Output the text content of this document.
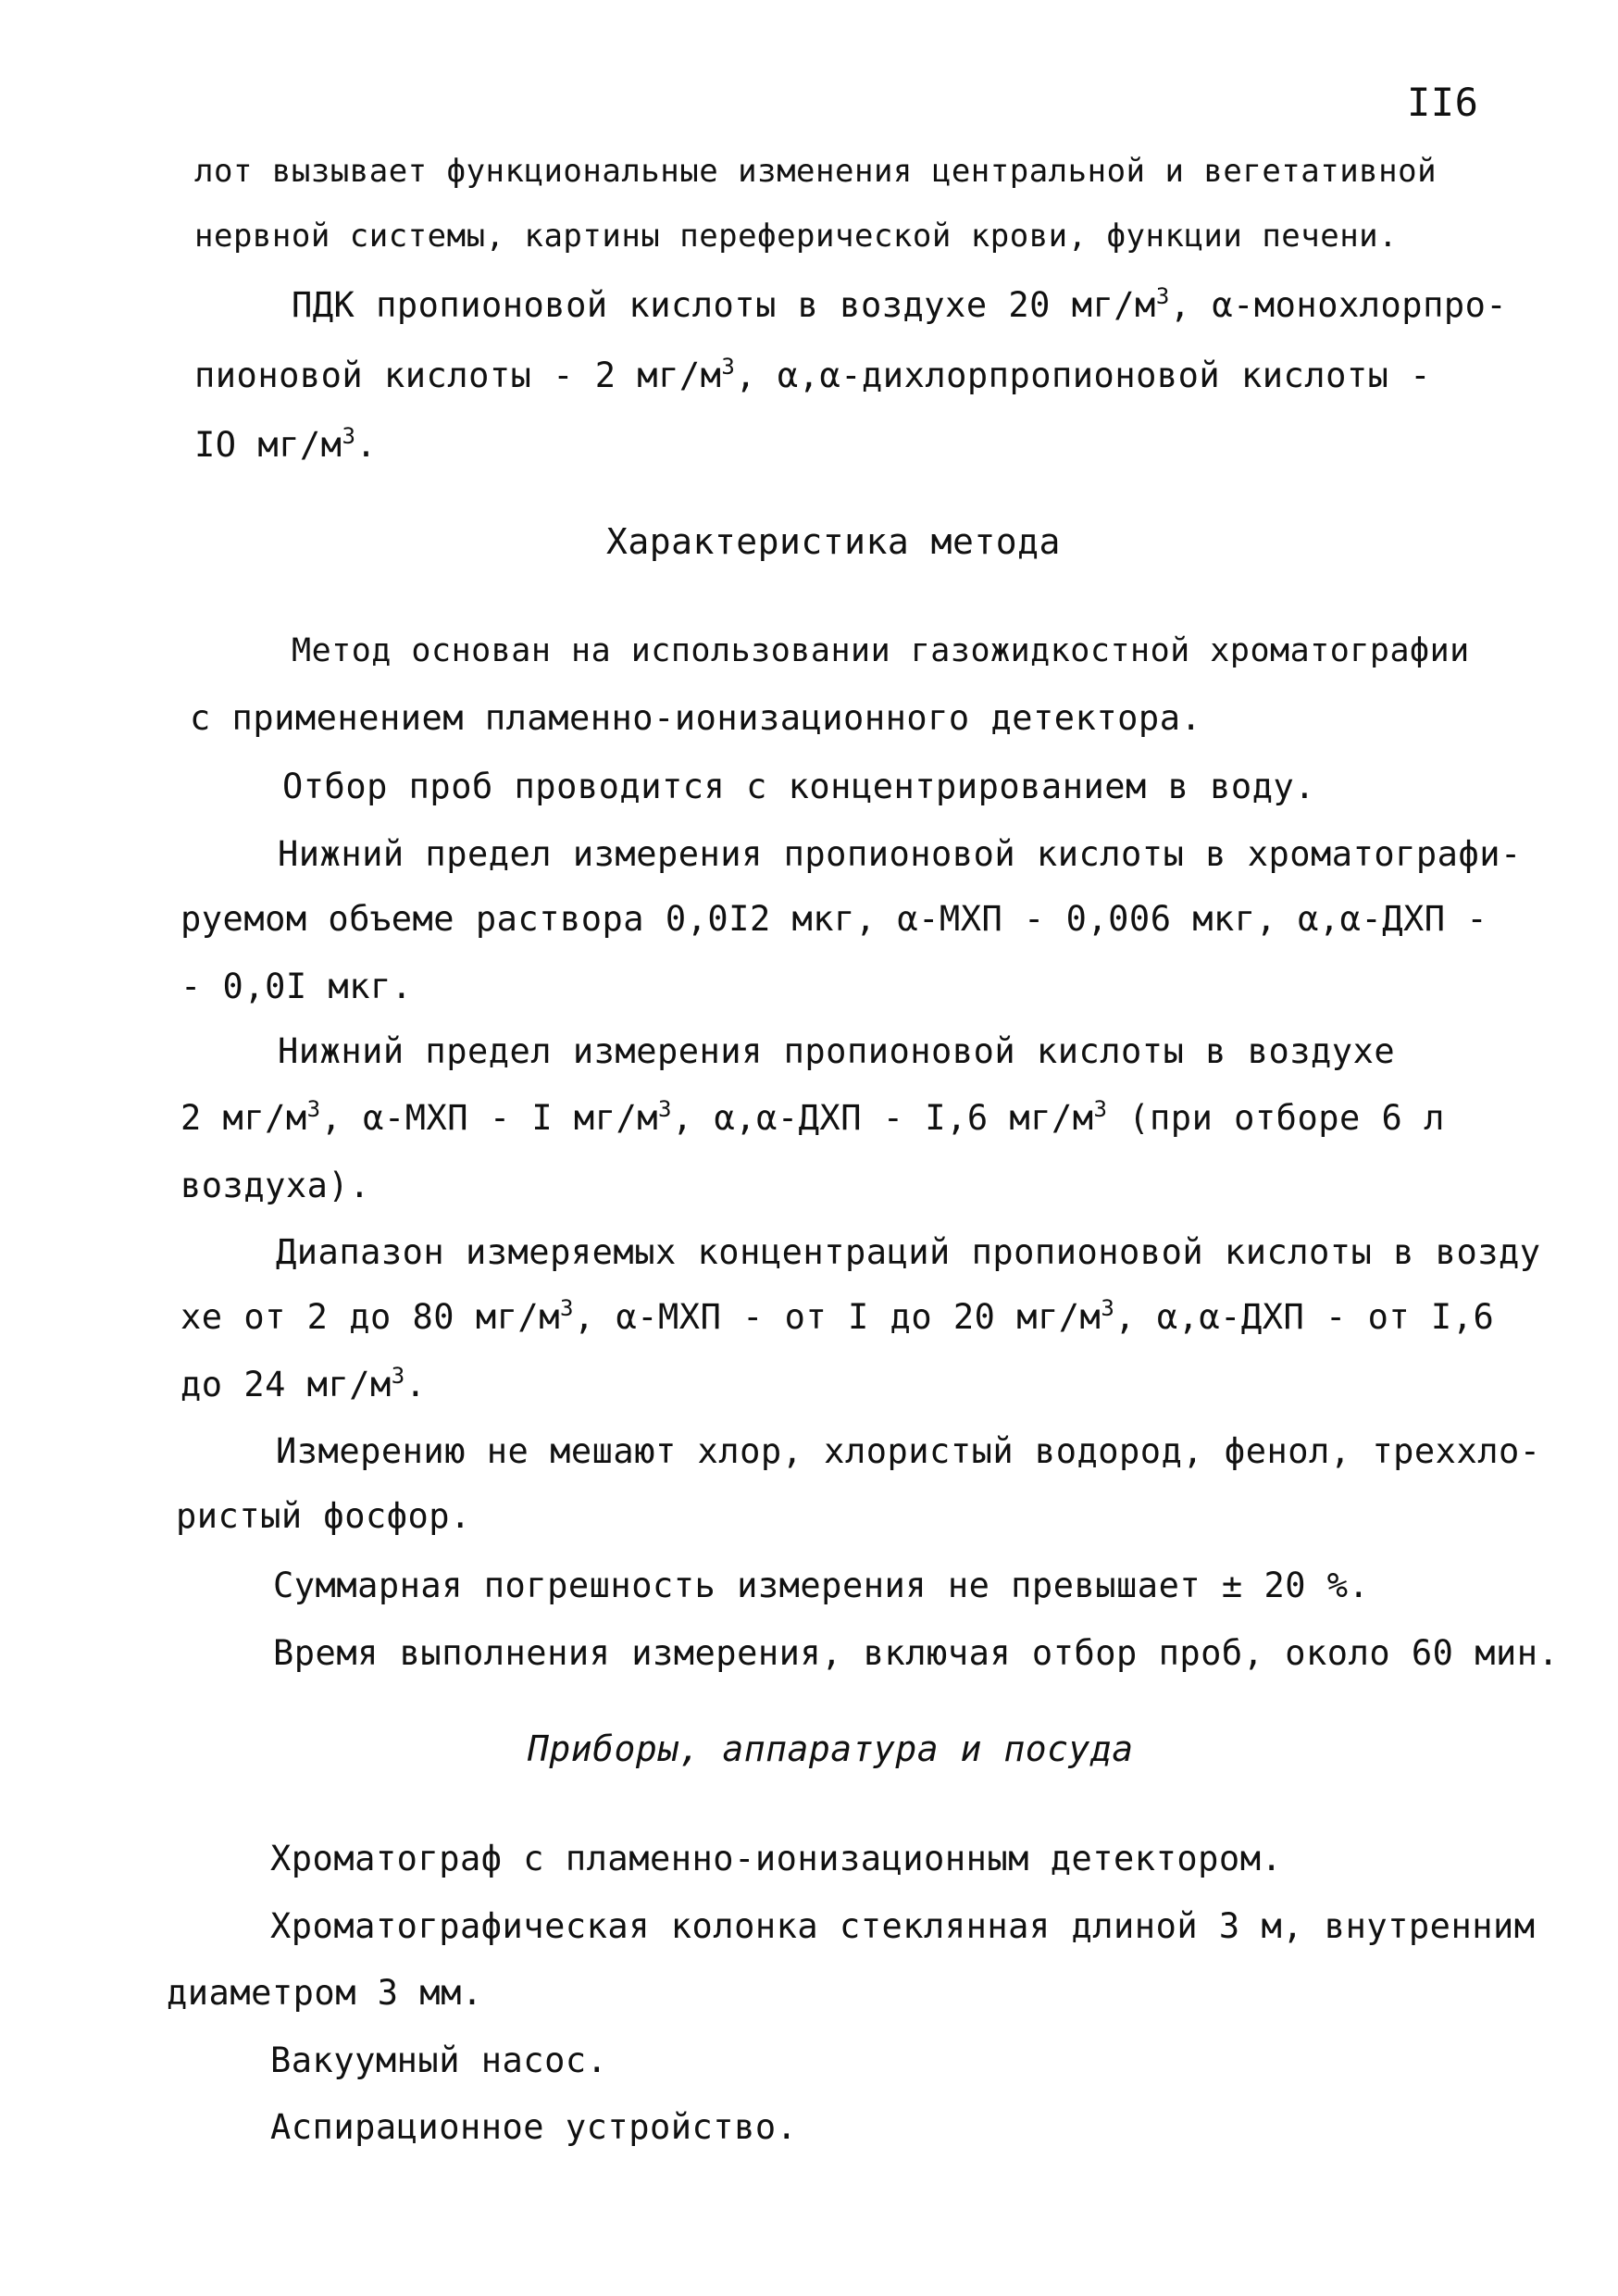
II6
лот вызывает функциональные изменения центральной и вегетативной
нервной системы, картины переферической крови, функции печени.
ПДК пропионовой кислоты в воздухе 20 $мг/м^3$, α-монохлорпро-
пионовой кислоты - 2 $мг/м^3$, α,α-дихлорпропионовой кислоты -
IO $мг/м^3$.
Характеристика метода
Метод основан на использовании газожидкостной хроматографии
с применением пламенно-ионизационного детектора.
Отбор проб проводится с концентрированием в воду.
Нижний предел измерения пропионовой кислоты в хроматографи-
руемом объеме раствора 0,0I2 мкг, α-МХП - 0,006 мкг, α,α-ДХП -
- 0,0I мкг.
Нижний предел измерения пропионовой кислоты в воздухе
2 $мг/м^3$, α-МХП - I $мг/м^3$, α,α-ДХП - I,6 $мг/м^3$ (при отборе 6 л
воздуха).
Диапазон измеряемых концентраций пропионовой кислоты в возду
хе от 2 до 80 $мг/м^3$, α-МХП - от I до 20 $мг/м^3$, α,α-ДХП - от I,6
до 24 $мг/м^3$.
Измерению не мешают хлор, хлористый водород, фенол, треххло-
ристый фосфор.
Суммарная погрешность измерения не превышает ± 20 %.
Время выполнения измерения, включая отбор проб, около 60 мин.
Приборы, аппаратура и посуда
Хроматограф с пламенно-ионизационным детектором.
Хроматографическая колонка стеклянная длиной 3 м, внутренним
диаметром 3 мм.
Вакуумный насос.
Аспирационное устройство.
